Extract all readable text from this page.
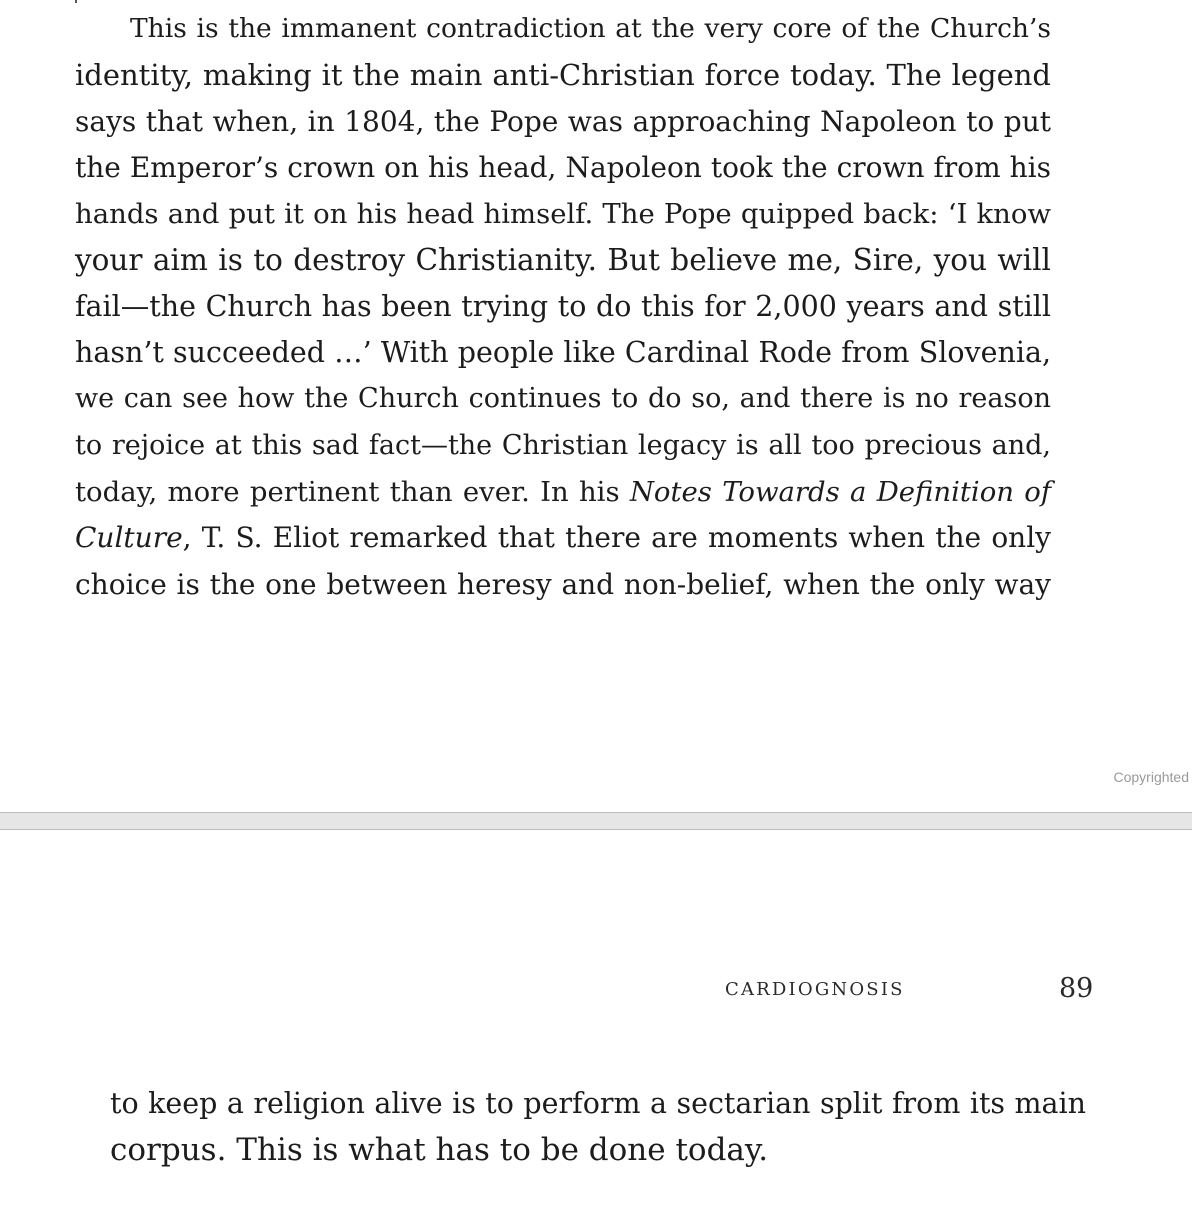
This is the immanent contradiction at the very core of the Church’s
identity, making it the main anti-Christian force today. The legend
says that when, in 1804, the Pope was approaching Napoleon to put
the Emperor’s crown on his head, Napoleon took the crown from his
hands and put it on his head himself. The Pope quipped back: ‘I know
your aim is to destroy Christianity. But believe me, Sire, you will
fail—the Church has been trying to do this for 2,000 years and still
hasn’t succeeded …’ With people like Cardinal Rode from Slovenia,
we can see how the Church continues to do so, and there is no reason
to rejoice at this sad fact—the Christian legacy is all too precious and,
today, more pertinent than ever. In his Notes Towards a Definition of
Culture, T. S. Eliot remarked that there are moments when the only
choice is the one between heresy and non-belief, when the only way
Copyrighted
CARDIOGNOSIS	89
to keep a religion alive is to perform a sectarian split from its main
corpus. This is what has to be done today.
